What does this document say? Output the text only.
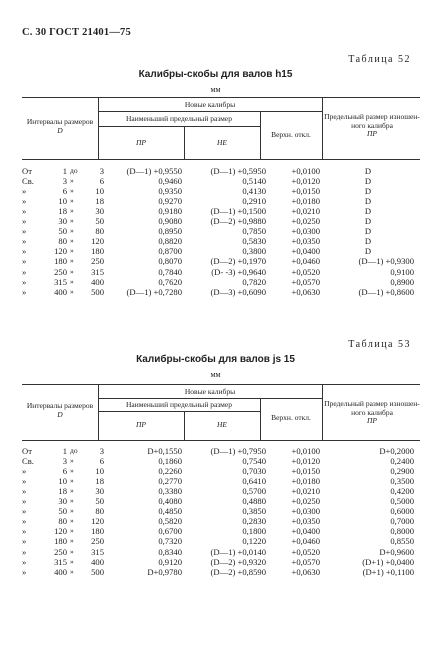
С. 30 ГОСТ 21401—75
Таблица 52
Калибры-скобы для валов h15
мм
Интервалы размеров
D
Новые калибры
Наименьший предельный размер
ПР	НЕ
Верхн. откл.
Предельный размер изношен-ного калибра
ПР
От	1 до	3	(D—1) +0,9550	(D—1) +0,5950	+0,0100	D
Св.	3 »	6	0,9460	0,5140	+0,0120	D
»	6 »	10	0,9350	0,4130	+0,0150	D
»	10 »	18	0,9270	0,2910	+0,0180	D
»	18 »	30	0,9180	(D—1) +0,1500	+0,0210	D
»	30 »	50	0,9080	(D—2) +0,9880	+0,0250	D
»	50 »	80	0,8950	0,7850	+0,0300	D
»	80 »	120	0,8820	0,5830	+0,0350	D
»	120 »	180	0,8700	0,3800	+0,0400	D
»	180 »	250	0,8070	(D—2) +0,1970	+0,0460	(D—1) +0,9300
»	250 »	315	0,7840	(D- -3) +0,9640	+0,0520	0,9100
»	315 »	400	0,7620	0,7820	+0,0570	0,8900
»	400 »	500	(D—1) +0,7280	(D—3) +0,6090	+0,0630	(D—1) +0,8600
Таблица 53
Калибры-скобы для валов js 15
мм
Интервалы размеров
D
Новые калибры
Наименьший предельный размер
ПР	НЕ
Верхн. откл.
Предельный размер изношен-ного калибра
ПР
От	1 до	3	D+0,1550	(D—1) +0,7950	+0,0100	D+0,2000
Св.	3 »	6	0,1860	0,7540	+0,0120	0,2400
»	6 »	10	0,2260	0,7030	+0,0150	0,2900
»	10 »	18	0,2770	0,6410	+0,0180	0,3500
»	18 »	30	0,3380	0,5700	+0,0210	0,4200
»	30 »	50	0,4080	0,4880	+0,0250	0,5000
»	50 »	80	0,4850	0,3850	+0,0300	0,6000
»	80 »	120	0,5820	0,2830	+0,0350	0,7000
»	120 »	180	0,6700	0,1800	+0,0400	0,8000
»	180 »	250	0,7320	0,1220	+0,0460	0,8550
»	250 »	315	0,8340	(D—1) +0,0140	+0,0520	D+0,9600
»	315 »	400	0,9120	(D—2) +0,9320	+0,0570	(D+1) +0,0400
»	400 »	500	D+0,9780	(D—2) +0,8590	+0,0630	(D+1) +0,1100
